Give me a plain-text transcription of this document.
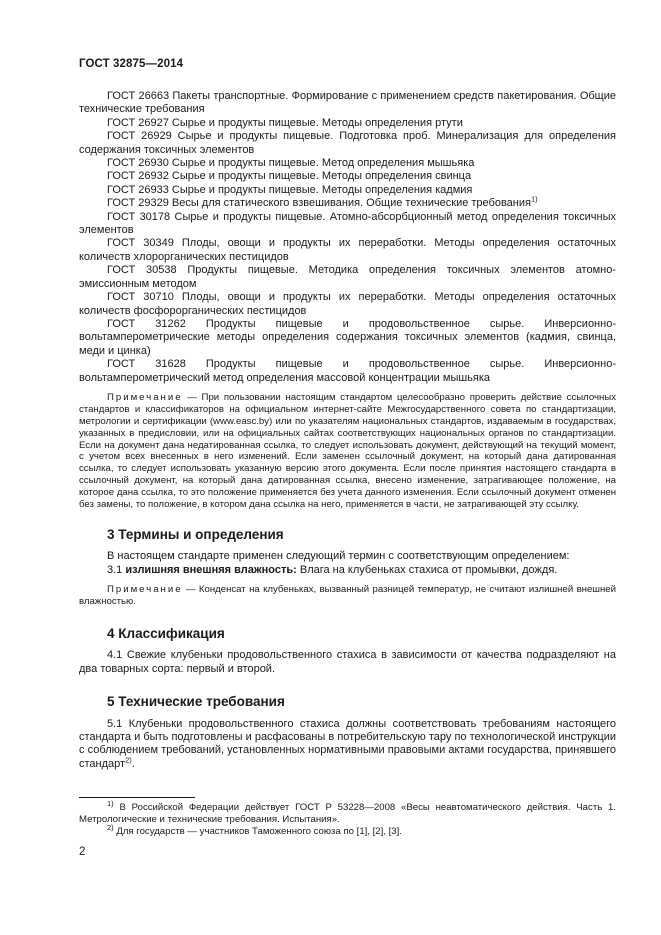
ГОСТ 32875—2014

ГОСТ 26663 Пакеты транспортные. Формирование с применением средств пакетирования. Общие технические требования

ГОСТ 26927 Сырье и продукты пищевые. Методы определения ртути

ГОСТ 26929 Сырье и продукты пищевые. Подготовка проб. Минерализация для определения содержания токсичных элементов

ГОСТ 26930 Сырье и продукты пищевые. Метод определения мышьяка

ГОСТ 26932 Сырье и продукты пищевые. Методы определения свинца

ГОСТ 26933 Сырье и продукты пищевые. Методы определения кадмия

ГОСТ 29329 Весы для статического взвешивания. Общие технические требования$^{1)}$

ГОСТ 30178 Сырье и продукты пищевые. Атомно-абсорбционный метод определения токсичных элементов

ГОСТ 30349 Плоды, овощи и продукты их переработки. Методы определения остаточных количеств хлорорганических пестицидов

ГОСТ 30538 Продукты пищевые. Методика определения токсичных элементов атомно-эмиссионным методом

ГОСТ 30710 Плоды, овощи и продукты их переработки. Методы определения остаточных количеств фосфорорганических пестицидов

ГОСТ 31262 Продукты пищевые и продовольственное сырье. Инверсионно-вольтамперометрические методы определения содержания токсичных элементов (кадмия, свинца, меди и цинка)

ГОСТ 31628 Продукты пищевые и продовольственное сырье. Инверсионно-вольтамперометрический метод определения массовой концентрации мышьяка

Примечание — При пользовании настоящим стандартом целесообразно проверить действие ссылочных стандартов и классификаторов на официальном интернет-сайте Межгосударственного совета по стандартизации, метрологии и сертификации (www.easc.by) или по указателям национальных стандартов, издаваемым в государствах, указанных в предисловии, или на официальных сайтах соответствующих национальных органов по стандартизации. Если на документ дана недатированная ссылка, то следует использовать документ, действующий на текущий момент, с учетом всех внесенных в него изменений. Если заменен ссылочный документ, на который дана датированная ссылка, то следует использовать указанную версию этого документа. Если после принятия настоящего стандарта в ссылочный документ, на который дана датированная ссылка, внесено изменение, затрагивающее положение, на которое дана ссылка, то это положение применяется без учета данного изменения. Если ссылочный документ отменен без замены, то положение, в котором дана ссылка на него, применяется в части, не затрагивающей эту ссылку.

3 Термины и определения

В настоящем стандарте применен следующий термин с соответствующим определением:

3.1 излишняя внешняя влажность: Влага на клубеньках стахиса от промывки, дождя.

Примечание — Конденсат на клубеньках, вызванный разницей температур, не считают излишней внешней влажностью.

4 Классификация

4.1 Свежие клубеньки продовольственного стахиса в зависимости от качества подразделяют на два товарных сорта: первый и второй.

5 Технические требования

5.1 Клубеньки продовольственного стахиса должны соответствовать требованиям настоящего стандарта и быть подготовлены и расфасованы в потребительскую тару по технологической инструкции с соблюдением требований, установленных нормативными правовыми актами государства, принявшего стандарт$^{2)}$.

$^{1)}$ В Российской Федерации действует ГОСТ Р 53228—2008 «Весы неавтоматического действия. Часть 1. Метрологические и технические требования. Испытания».

$^{2)}$ Для государств — участников Таможенного союза по [1], [2], [3].

2
